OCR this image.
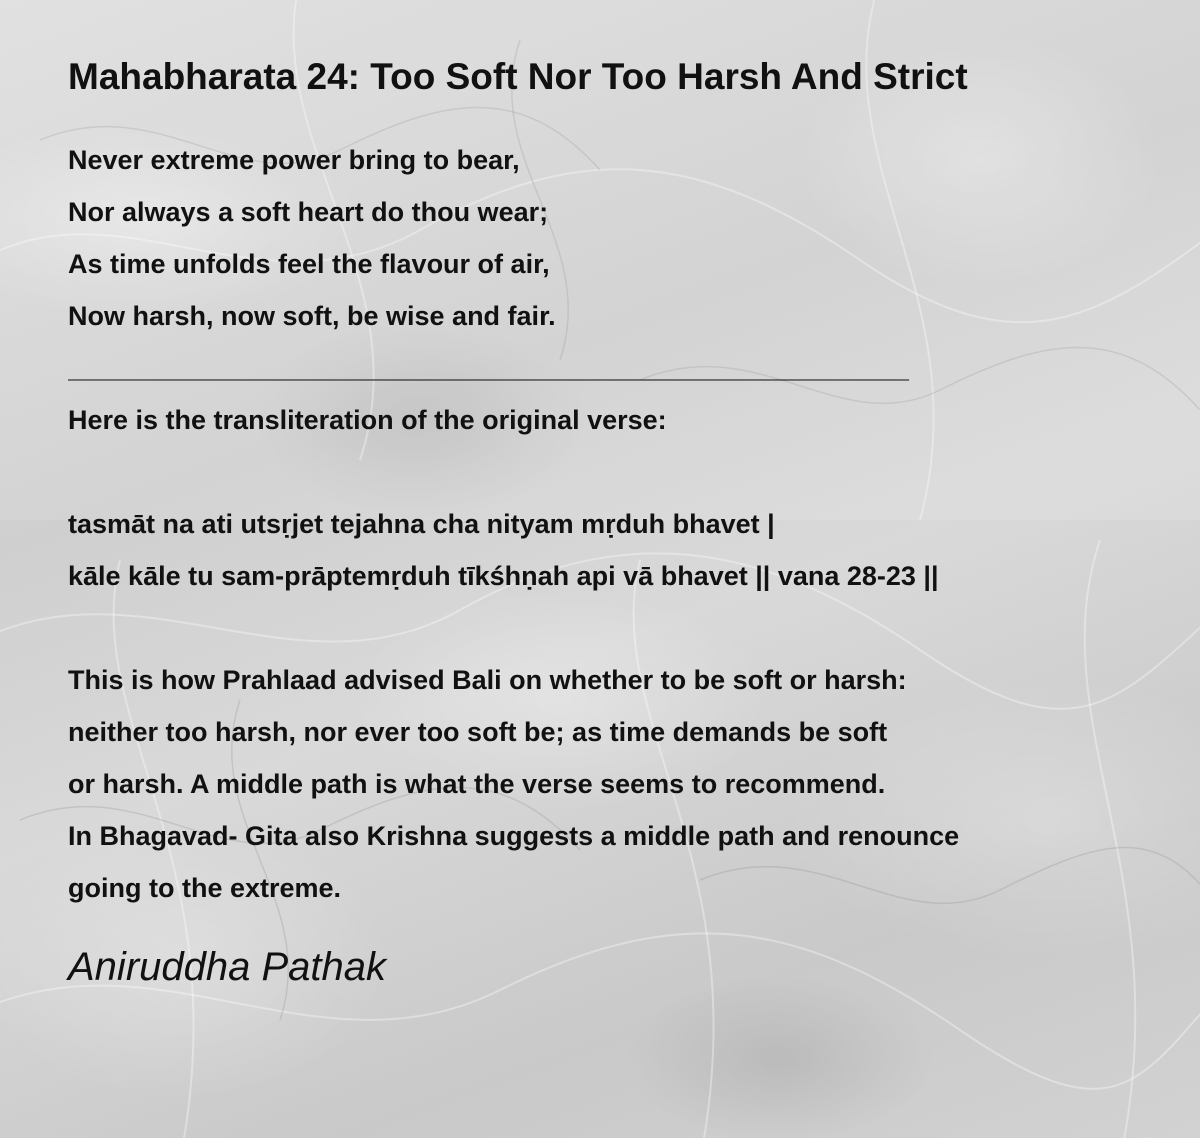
Mahabharata 24: Too Soft Nor Too Harsh And Strict
Never extreme power bring to bear,
Nor always a soft heart do thou wear;
As time unfolds feel the flavour of air,
Now harsh, now soft, be wise and fair.
________________________________________________________
Here is the transliteration of the original verse:
tasmāt na ati utsṛjet tejahna cha nityam mṛduh bhavet |
kāle kāle tu sam-prāptemṛduh tīkśhṇah api vā bhavet || vana 28-23 ||
This is how Prahlaad advised Bali on whether to be soft or harsh:
neither too harsh, nor ever too soft be; as time demands be soft
or harsh. A middle path is what the verse seems to recommend.
In Bhagavad- Gita also Krishna suggests a middle path and renounce
going to the extreme.
Aniruddha Pathak
